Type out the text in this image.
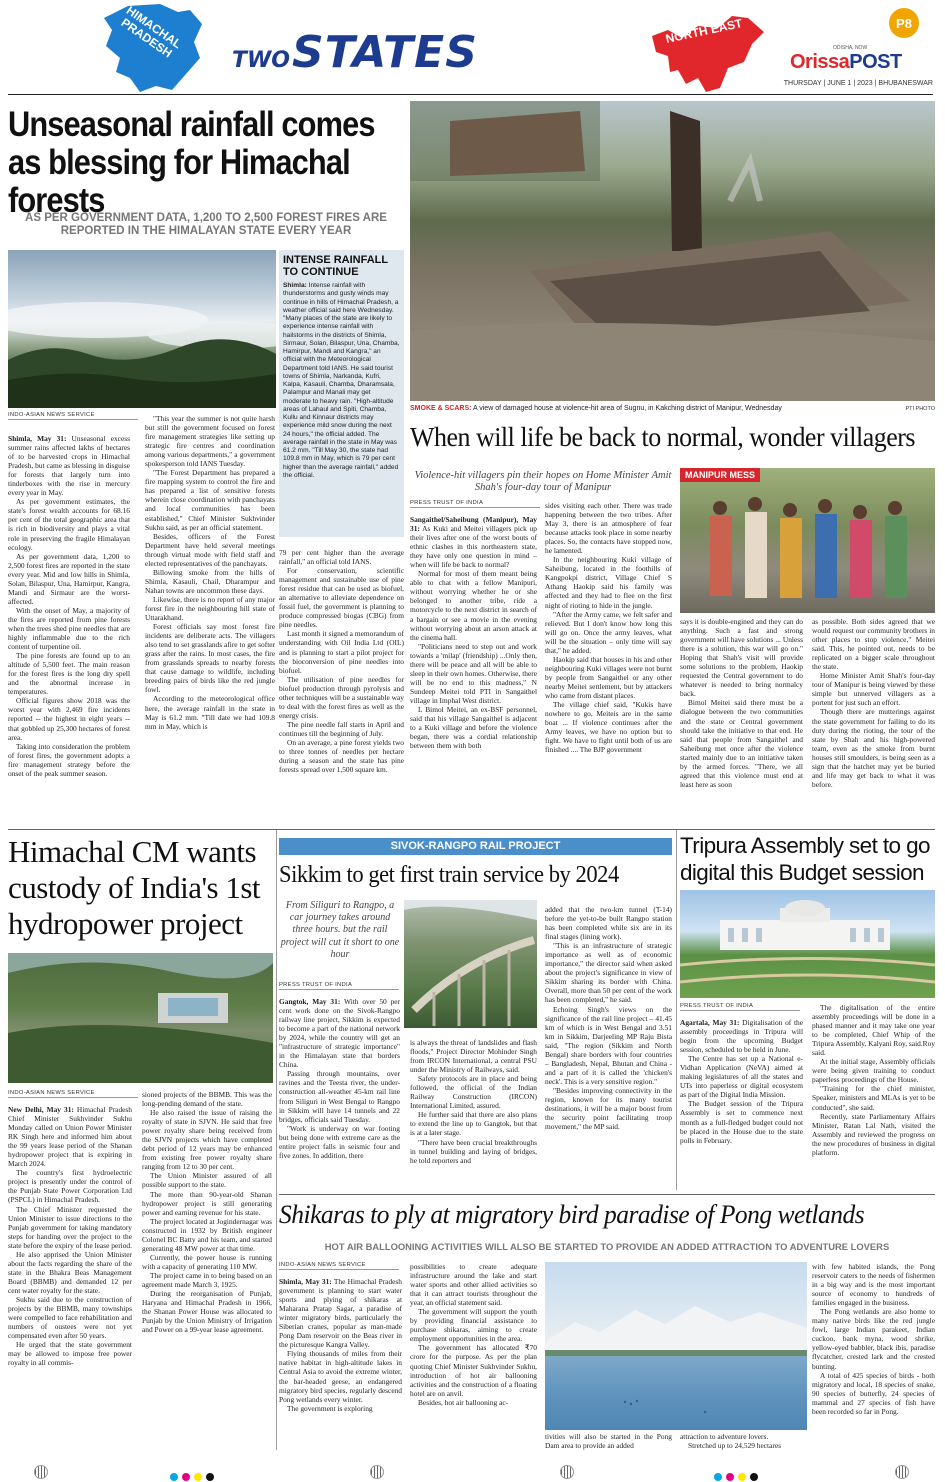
HIMACHAL PRADESH
TWO STATES	NORTH EAST	P8
ODISHA, NOW
OrissaPOST
THURSDAY | JUNE 1 | 2023 | BHUBANESWAR
Unseasonal rainfall comes as blessing for Himachal forests
AS PER GOVERNMENT DATA, 1,200 TO 2,500 FOREST FIRES ARE REPORTED IN THE HIMALAYAN STATE EVERY YEAR
INTENSE RAINFALL TO CONTINUE
Shimla: Intense rainfall with thunderstorms and gusty winds may continue in hills of Himachal Pradesh, a weather official said here Wednesday. "Many places of the state are likely to experience intense rainfall with hailstorms in the districts of Shimla, Sirmaur, Solan, Bilaspur, Una, Chamba, Hamirpur, Mandi and Kangra," an official with the Meteorological Department told IANS. He said tourist towns of Shimla, Narkanda, Kufri, Kalpa, Kasauli, Chamba, Dharamsala, Palampur and Manali may get moderate to heavy rain. "High-altitude areas of Lahaul and Spiti, Chamba, Kullu and Kinnaur districts may experience mild snow during the next 24 hours," the official added. The average rainfall in the state in May was 61.2 mm. "Till May 30, the state had 109.8 mm in May, which is 79 per cent higher than the average rainfall," added the official.
INDO-ASIAN NEWS SERVICE

Shimla, May 31: Unseasonal excess summer rains affected lakhs of hectares of to be harvested crops in Himachal Pradesh, but came as blessing in disguise for forests that largely turn into tinderboxes with the rise in mercury every year in May.

As per government estimates, the state's forest wealth accounts for 68.16 per cent of the total geographic area that is rich in biodiversity and plays a vital role in preserving the fragile Himalayan ecology.

As per government data, 1,200 to 2,500 forest fires are reported in the state every year. Mid and low hills in Shimla, Solan, Bilaspur, Una, Hamirpur, Kangra, Mandi and Sirmaur are the worst-affected.

With the onset of May, a majority of the fires are reported from pine forests when the trees shed pine needles that are highly inflammable due to the rich content of turpentine oil.

The pine forests are found up to an altitude of 5,500 feet. The main reason for the forest fires is the long dry spell and the abnormal increase in temperatures.

Official figures show 2018 was the worst year with 2,469 fire incidents reported -- the highest in eight years -- that gobbled up 25,300 hectares of forest area.

Taking into consideration the problem of forest fires, the government adopts a fire management strategy before the onset of the peak summer season.

"This year the summer is not quite harsh but still the government focused on forest fire management strategies like setting up strategic fire centres and coordination among various departments," a government spokesperson told IANS Tuesday.

"The Forest Department has prepared a fire mapping system to control the fire and has prepared a list of sensitive forests wherein close coordination with panchayats and local communities has been established," Chief Minister Sukhvinder Sukhu said, as per an official statement.

Besides, officers of the Forest Department have held several meetings through virtual mode with field staff and elected representatives of the panchayats.

Billowing smoke from the hills of Shimla, Kasauli, Chail, Dharampur and Nahan towns are uncommon these days.

Likewise, there is no report of any major forest fire in the neighbouring hill state of Uttarakhand.

Forest officials say most forest fire incidents are deliberate acts. The villagers also tend to set grasslands afire to get softer grass after the rains. In most cases, the fire from grasslands spreads to nearby forests that cause damage to wildlife, including breeding pairs of birds like the red jungle fowl.

According to the meteorological office here, the average rainfall in the state in May is 61.2 mm. "Till date we had 109.8 mm in May, which is

79 per cent higher than the average rainfall," an official told IANS.

For conservation, scientific management and sustainable use of pine forest residue that can be used as biofuel, an alternative to alleviate dependence on fossil fuel, the government is planning to produce compressed biogas (CBG) from pine needles.

Last month it signed a memorandum of understanding with Oil India Ltd (OIL) and is planning to start a pilot project for the bioconversion of pine needles into biofuel.

The utilisation of pine needles for biofuel production through pyrolysis and other techniques will be a sustainable way to deal with the forest fires as well as the energy crisis.

The pine needle fall starts in April and continues till the beginning of July.

On an average, a pine forest yields two to three tonnes of needles per hectare during a season and the state has pine forests spread over 1,500 square km.

SMOKE & SCARS: A view of damaged house at violence-hit area of Sugnu, in Kakching district of Manipur, Wednesday	PTI PHOTO
When will life be back to normal, wonder villagers
Violence-hit villagers pin their hopes on Home Minister Amit Shah's four-day tour of Manipur
PRESS TRUST OF INDIA

Sangaithel/Saheibung (Manipur), May 31: As Kuki and Meitei villagers pick up their lives after one of the worst bouts of ethnic clashes in this northeastern state, they have only one question in mind – when will life be back to normal?

Normal for most of them meant being able to chat with a fellow Manipuri, without worrying whether he or she belonged to another tribe, ride a motorcycle to the next district in search of a bargain or see a movie in the evening without worrying about an arson attack at the cinema hall.

"Politicians need to step out and work towards a 'milap' (friendship) ...Only then, there will be peace and all will be able to sleep in their own homes. Otherwise, there will be no end to this madness," N Sundeep Meitei told PTI in Sangaithel village in Imphal West district.

L Bimol Meitei, an ex-BSF personnel, said that his village Sangaithel is adjacent to a Kuki village and before the violence began, there was a cordial relationship between them with both

sides visiting each other. There was trade happening between the two tribes. After May 3, there is an atmosphere of fear because attacks took place in some nearby places. So, the contacts have stopped now, he lamented.

In the neighbouring Kuki village of Saheibung, located in the foothills of Kangpokpi district, Village Chief S Athang Haokip said his family was affected and they had to flee on the first night of rioting to hide in the jungle.

"After the Army came, we felt safer and relieved. But I don't know how long this will go on. Once the army leaves, what will be the situation – only time will say that," he added.

Haokip said that houses in his and other neighbouring Kuki villages were not burnt by people from Sangaithel or any other nearby Meitei settlement, but by attackers who came from distant places.

The village chief said, "Kukis have nowhere to go, Meiteis are in the same boat ... If violence continues after the Army leaves, we have no option but to fight. We have to fight until both of us are finished .... The BJP government

MANIPUR MESS

says it is double-engined and they can do anything. Such a fast and strong government will have solutions ... Unless there is a solution, this war will go on." Hoping that Shah's visit will provide some solutions to the problem, Haokip requested the Central government to do whatever is needed to bring normalcy back.

Bimol Meitei said there must be a dialogue between the two communities and the state or Central government should take the initiative to that end. He said that people from Sangaithel and Saheibung met once after the violence started mainly due to an initiative taken by the armed forces. "There, we all agreed that this violence must end at least here as soon

as possible. Both sides agreed that we would request our community brothers in other places to stop violence," Meitei said. This, he pointed out, needs to be replicated on a bigger scale throughout the state.

Home Minister Amit Shah's four-day tour of Manipur is being viewed by these simple but unnerved villagers as a portent for just such an effort.

Though there are mutterings against the state government for failing to do its duty during the rioting, the tour of the state by Shah and his high-powered team, even as the smoke from burnt houses still smoulders, is being seen as a sign that the hatchet may yet be buried and life may get back to what it was before.

Himachal CM wants custody of India's 1st hydropower project
INDO-ASIAN NEWS SERVICE

New Delhi, May 31: Himachal Pradesh Chief Minister Sukhvinder Sukhu Monday called on Union Power Minister RK Singh here and informed him about the 99 years lease period of the Shanan hydropower project that is expiring in March 2024.

The country's first hydroelectric project is presently under the control of the Punjab State Power Corporation Ltd (PSPCL) in Himachal Pradesh.

The Chief Minister requested the Union Minister to issue directions to the Punjab government for taking mandatory steps for handing over the project to the state before the expiry of the lease period.

He also apprised the Union Minister about the facts regarding the share of the state in the Bhakra Beas Management Board (BBMB) and demanded 12 per cent water royalty for the state.

Sukhu said due to the construction of projects by the BBMB, many townships were compelled to face rehabilitation and numbers of oustees were not yet compensated even after 50 years.

He urged that the state government may be allowed to impose free power royalty in all commis-

sioned projects of the BBMB. This was the long-pending demand of the state.

He also raised the issue of raising the royalty of state in SJVN. He said that free power royalty share being received from the SJVN projects which have completed debt period of 12 years may be enhanced from existing free power royalty share ranging from 12 to 30 per cent.

The Union Minister assured of all possible support to the state.

The more than 90-year-old Shanan hydropower project is still generating power and earning revenue for his state.

The project located at Jogindernagar was constructed in 1932 by British engineer Colonel BC Batty and his team, and started generating 48 MW power at that time.

Currently, the power house is running with a capacity of generating 110 MW.

The project came in to being based on an agreement made March 3, 1925.

During the reorganisation of Punjab, Haryana and Himachal Pradesh in 1966, the Shanan Power House was allocated to Punjab by the Union Ministry of Irrigation and Power on a 99-year lease agreement.

SIVOK-RANGPO RAIL PROJECT
Sikkim to get first train service by 2024
From Siliguri to Rangpo, a car journey takes around three hours. but the rail project will cut it short to one hour
PRESS TRUST OF INDIA

Gangtok, May 31: With over 50 per cent work done on the Sivok-Rangpo railway line project, Sikkim is expected to become a part of the national network by 2024, while the country will get an "infrastructure of strategic importance" in the Himalayan state that borders China.

Passing through mountains, over ravines and the Teesta river, the under-construction all-weather 45-km rail line from Siliguri in West Bengal to Rangpo in Sikkim will have 14 tunnels and 22 bridges, officials said Tuesday.

"Work is underway on war footing but being done with extreme care as the entire project falls in seismic four and five zones. In addition, there

is always the threat of landslides and flash floods," Project Director Mohinder Singh from IRCON International, a central PSU under the Ministry of Railways, said.

Safety protocols are in place and being followed, the official of the Indian Railway Construction (IRCON) International Limited, assured.

He further said that there are also plans to extend the line up to Gangtok, but that is at a later stage.

"There have been crucial breakthroughs in tunnel building and laying of bridges, he told reporters and

added that the two-km tunnel (T-14) before the yet-to-be built Rangpo station has been completed while six are in its final stages (lining work).

"This is an infrastructure of strategic importance as well as of economic importance," the director said when asked about the project's significance in view of Sikkim sharing its border with China. Overall, more than 50 per cent of the work has been completed," he said.

Echoing Singh's views on the significance of the rail line project – 41.45 km of which is in West Bengal and 3.51 km in Sikkim, Darjeeling MP Raju Bista said, "The region (Sikkim and North Bengal) share borders with four countries – Bangladesh, Nepal, Bhutan and China - and a part of it is called the 'chicken's neck'. This is a very sensitive region."

"Besides improving connectivity in the region, known for its many tourist destinations, it will be a major boost from the security point facilitating troop movement," the MP said.

Tripura Assembly set to go digital this Budget session
PRESS TRUST OF INDIA

Agartala, May 31: Digitalisation of the assembly proceedings in Tripura will begin from the upcoming Budget session, scheduled to be held in June.

The Centre has set up a National e-Vidhan Application (NeVA) aimed at making legislatures of all the states and UTs into paperless or digital ecosystem as part of the Digital India Mission.

The Budget session of the Tripura Assembly is set to commence next month as a full-fledged budget could not be placed in the House due to the state polls in February.

The digitalisation of the entire assembly proceedings will be done in a phased manner and it may take one year to be completed, Chief Whip of the Tripura Assembly, Kalyani Roy, said.Roy said.

At the initial stage, Assembly officials were being given training to conduct paperless proceedings of the House.

"Training for the chief minister, Speaker, ministers and MLAs is yet to be conducted", she said.

Recently, state Parliamentary Affairs Minister, Ratan Lal Nath, visited the Assembly and reviewed the progress on the new procedures of business in digital platform.

Shikaras to ply at migratory bird paradise of Pong wetlands
HOT AIR BALLOONING ACTIVITIES WILL ALSO BE STARTED TO PROVIDE AN ADDED ATTRACTION TO ADVENTURE LOVERS
INDO-ASIAN NEWS SERVICE

Shimla, May 31: The Himachal Pradesh government is planning to start water sports and plying of shikaras at Maharana Pratap Sagar, a paradise of winter migratory birds, particularly the Siberian cranes, popular as man-made Pong Dam reservoir on the Beas river in the picturesque Kangra Valley.

Flying thousands of miles from their native habitat in high-altitude lakes in Central Asia to avoid the extreme winter, the bar-headed geese, an endangered migratory bird species, regularly descend Pong wetlands every winter.

The government is exploring

possibilities to create adequate infrastructure around the lake and start water sports and other allied activities so that it can attract tourists throughout the year, an official statement said.

The government will support the youth by providing financial assistance to purchase shikaras, aiming to create employment opportunities in the area.

The government has allocated ₹70 crore for the purpose. As per the plan quoting Chief Minister Sukhvinder Sukhu, introduction of hot air ballooning activities and the construction of a floating hotel are on anvil.

Besides, hot air ballooning ac-

tivities will also be started in the Pong Dam area to provide an added

attraction to adventure lovers.

Stretched up to 24,529 hectares

with few habited islands, the Pong reservoir caters to the needs of fishermen in a big way and is the most important source of economy to hundreds of families engaged in the business.

The Pong wetlands are also home to many native birds like the red jungle fowl, large Indian parakeet, Indian cuckoo, bank myna, wood shrike, yellow-eyed babbler, black ibis, paradise flycatcher, crested lark and the crested bunting.

A total of 425 species of birds - both migratory and local, 18 species of snake, 90 species of butterfly, 24 species of mammal and 27 species of fish have been recorded so far in Pong.
